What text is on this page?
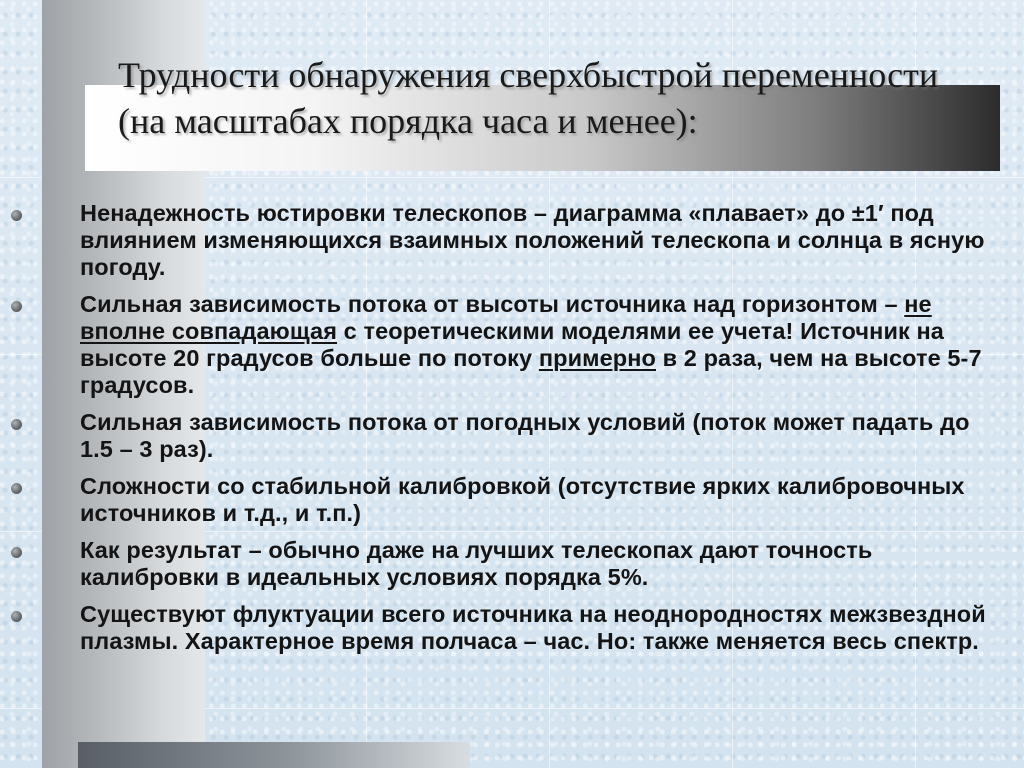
Трудности обнаружения сверхбыстрой переменности (на масштабах порядка часа и менее):
Ненадежность юстировки телескопов – диаграмма «плавает» до ±1′ под влиянием изменяющихся взаимных положений телескопа и солнца в ясную погоду.
Сильная зависимость потока от высоты источника над горизонтом – не вполне совпадающая с теоретическими моделями ее учета! Источник на высоте 20 градусов больше по потоку примерно в 2 раза, чем на высоте 5-7 градусов.
Сильная зависимость потока от погодных условий (поток может падать до 1.5 – 3 раз).
Сложности со стабильной калибровкой (отсутствие ярких калибровочных источников и т.д., и т.п.)
Как результат – обычно даже на лучших телескопах дают точность калибровки в идеальных условиях порядка 5%.
Существуют флуктуации всего источника на неоднородностях межзвездной плазмы. Характерное время полчаса – час. Но: также меняется весь спектр.
